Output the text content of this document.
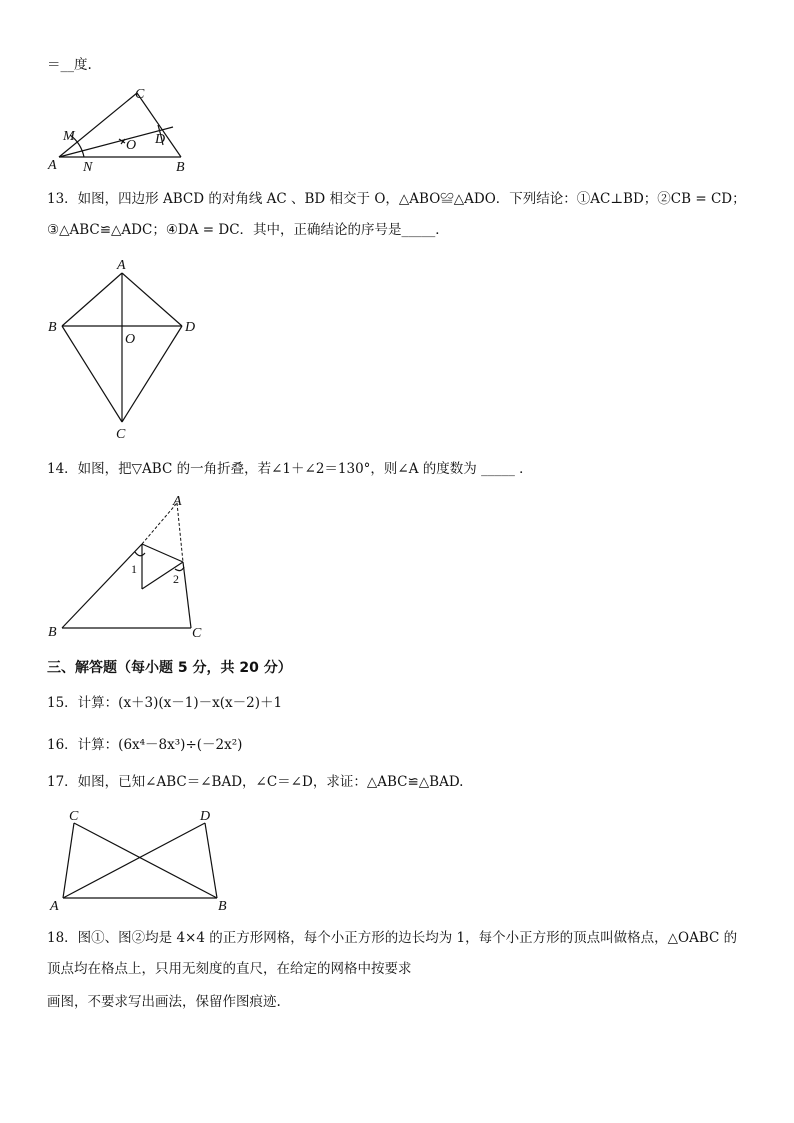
＝__度.
C
M
O D
A N	B
13．如图，四边形 ABCD 的对角线 AC 、BD 相交于 O，△ABO≌△ADO．下列结论：①AC⊥BD；②CB = CD；
③△ABC≌△ADC；④DA = DC．其中，正确结论的序号是_____．
A
B	D
O
C
14．如图，把▽ABC 的一角折叠，若∠1＋∠2＝130°，则∠A 的度数为 _____ ．
A
1
2
B	C
三、解答题（每小题 5 分，共 20 分）
15．计算：(x＋3)(x－1)－x(x－2)＋1
16．计算：(6x⁴－8x³)÷(－2x²)
17．如图，已知∠ABC＝∠BAD，∠C＝∠D，求证：△ABC≌△BAD.
C	D
A	B
18．图①、图②均是 4×4 的正方形网格，每个小正方形的边长均为 1，每个小正方形的顶点叫做格点，△OABC 的
顶点均在格点上，只用无刻度的直尺，在给定的网格中按要求
画图，不要求写出画法，保留作图痕迹.
